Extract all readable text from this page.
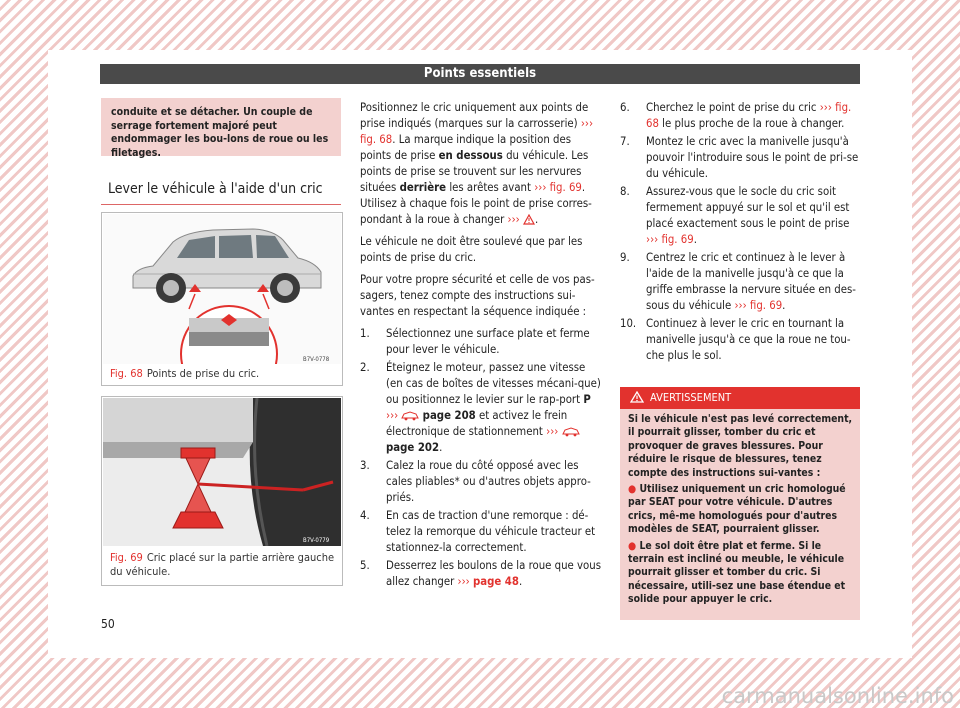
Points essentiels

conduite et se détacher. Un couple de serrage fortement majoré peut endommager les bou-lons de roue ou les filetages.

Lever le véhicule à l'aide d'un cric
B7V-0778
Fig. 68 Points de prise du cric.
B7V-0779
Fig. 69 Cric placé sur la partie arrière gauche du véhicule.

Positionnez le cric uniquement aux points de prise indiqués (marques sur la carrosserie) ››› fig. 68. La marque indique la position des points de prise en dessous du véhicule. Les points de prise se trouvent sur les nervures situées derrière les arêtes avant ››› fig. 69. Utilisez à chaque fois le point de prise corres-pondant à la roue à changer ››› .

Le véhicule ne doit être soulevé que par les points de prise du cric.

Pour votre propre sécurité et celle de vos pas-sagers, tenez compte des instructions sui-vantes en respectant la séquence indiquée :

1. Sélectionnez une surface plate et ferme pour lever le véhicule.
2. Éteignez le moteur, passez une vitesse (en cas de boîtes de vitesses mécani-que) ou positionnez le levier sur le rap-port P ››› page 208 et activez le frein électronique de stationnement ›››  page 202.
3. Calez la roue du côté opposé avec les cales pliables* ou d'autres objets appro-priés.
4. En cas de traction d'une remorque : dé-telez la remorque du véhicule tracteur et stationnez-la correctement.
5. Desserrez les boulons de la roue que vous allez changer ››› page 48.
6. Cherchez le point de prise du cric ››› fig. 68 le plus proche de la roue à changer.
7. Montez le cric avec la manivelle jusqu'à pouvoir l'introduire sous le point de pri-se du véhicule.
8. Assurez-vous que le socle du cric soit fermement appuyé sur le sol et qu'il est placé exactement sous le point de prise ››› fig. 69.
9. Centrez le cric et continuez à le lever à l'aide de la manivelle jusqu'à ce que la griffe embrasse la nervure située en des-sous du véhicule ››› fig. 69.
10. Continuez à lever le cric en tournant la manivelle jusqu'à ce que la roue ne tou-che plus le sol.
AVERTISSEMENT

Si le véhicule n'est pas levé correctement, il pourrait glisser, tomber du cric et provoquer de graves blessures. Pour réduire le risque de blessures, tenez compte des instructions sui-vantes :

● Utilisez uniquement un cric homologué par SEAT pour votre véhicule. D'autres crics, mê-me homologués pour d'autres modèles de SEAT, pourraient glisser.

● Le sol doit être plat et ferme. Si le terrain est incliné ou meuble, le véhicule pourrait glisser et tomber du cric. Si nécessaire, utili-sez une base étendue et solide pour appuyer le cric.

50
carmanualsonline.info
